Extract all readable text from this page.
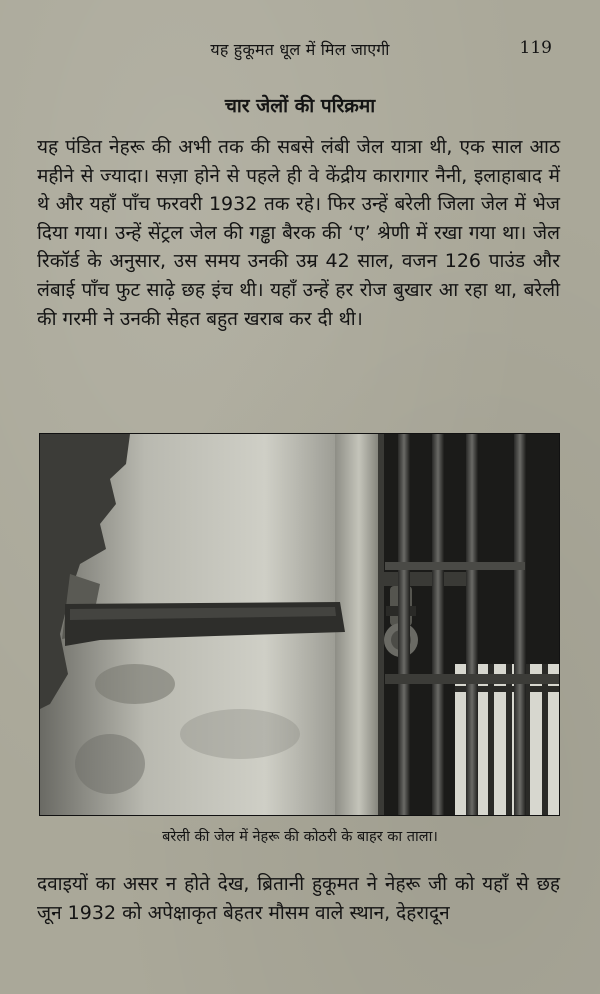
यह हुकूमत धूल में मिल जाएगी	119
चार जेलों की परिक्रमा

यह पंडित नेहरू की अभी तक की सबसे लंबी जेल यात्रा थी, एक साल आठ महीने से ज्यादा। सज़ा होने से पहले ही वे केंद्रीय कारागार नैनी, इलाहाबाद में थे और यहाँ पाँच फरवरी 1932 तक रहे। फिर उन्हें बरेली जिला जेल में भेज दिया गया। उन्हें सेंट्रल जेल की गड्ढा बैरक की ‘ए’ श्रेणी में रखा गया था। जेल रिकॉर्ड के अनुसार, उस समय उनकी उम्र 42 साल, वजन 126 पाउंड और लंबाई पाँच फुट साढ़े छह इंच थी। यहाँ उन्हें हर रोज बुखार आ रहा था, बरेली की गरमी ने उनकी सेहत बहुत खराब कर दी थी।

बरेली की जेल में नेहरू की कोठरी के बाहर का ताला।

दवाइयों का असर न होते देख, ब्रितानी हुकूमत ने नेहरू जी को यहाँ से छह जून 1932 को अपेक्षाकृत बेहतर मौसम वाले स्थान, देहरादून
